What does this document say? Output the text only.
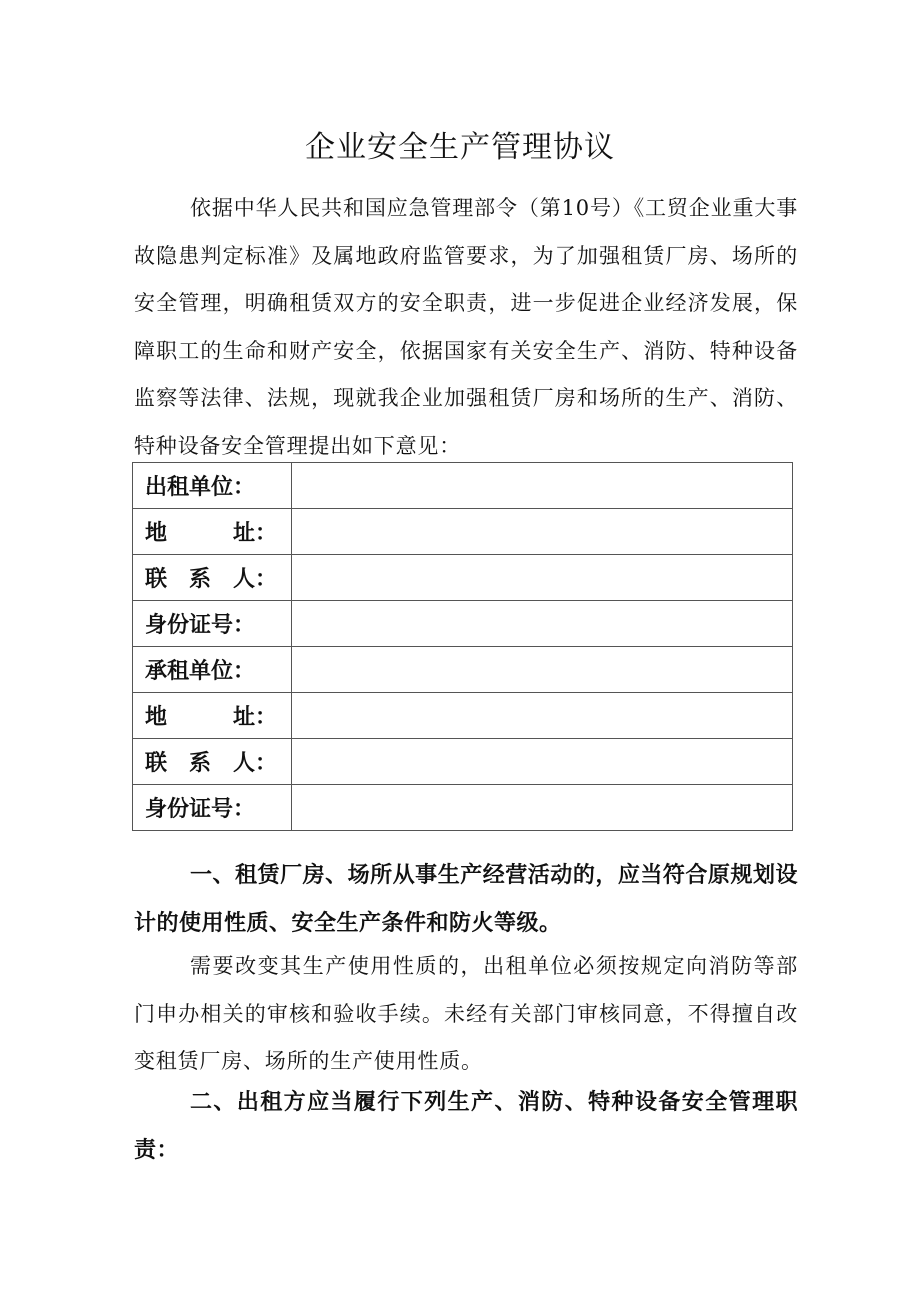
企业安全生产管理协议

依据中华人民共和国应急管理部令（第10号）《工贸企业重大事故隐患判定标准》及属地政府监管要求，为了加强租赁厂房、场所的安全管理，明确租赁双方的安全职责，进一步促进企业经济发展，保障职工的生命和财产安全，依据国家有关安全生产、消防、特种设备监察等法律、法规，现就我企业加强租赁厂房和场所的生产、消防、特种设备安全管理提出如下意见：

出租单位：	
地 址：	
联系人：	
身份证号：	
承租单位：	
地 址：	
联系人：	
身份证号：	

一、租赁厂房、场所从事生产经营活动的，应当符合原规划设计的使用性质、安全生产条件和防火等级。

需要改变其生产使用性质的，出租单位必须按规定向消防等部门申办相关的审核和验收手续。未经有关部门审核同意，不得擅自改变租赁厂房、场所的生产使用性质。

二、出租方应当履行下列生产、消防、特种设备安全管理职责：
